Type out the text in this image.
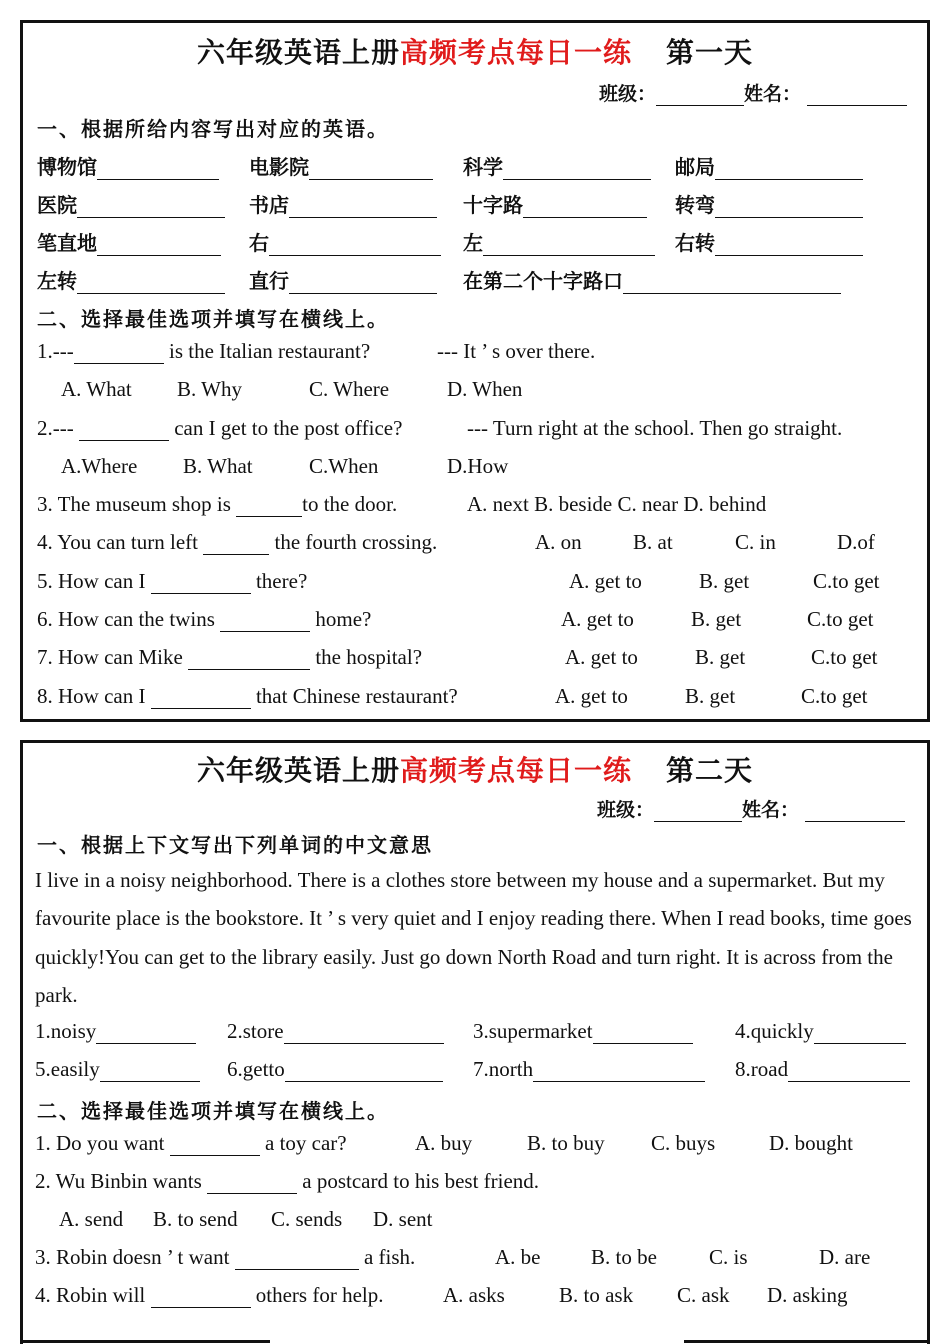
六年级英语上册高频考点每日一练 第一天
班级：	姓名：
一、根据所给内容写出对应的英语。
博物馆	电影院	科学	邮局
医院	书店	十字路	转弯
笔直地	右	左	右转
左转	直行	在第二个十字路口
二、选择最佳选项并填写在横线上。
1.---	is the Italian restaurant?	--- It ’ s over there.
A. What B. Why	C. Where	D. When
2.---	can I get to the post office?	--- Turn right at the school. Then go straight.
A.Where B. What	C.When	D.How
3. The museum shop is	to the door.	A. next B. beside C. near D. behind
4. You can turn left	the fourth crossing.	A. on B. at	C. in	D.of
5. How can I	there?	A. get to	B. get	C.to get
6. How can the twins	home?	A. get to	B. get	C.to get
7. How can Mike	the hospital?	A. get to	B. get	C.to get
8. How can I	that Chinese restaurant?	A. get to	B. get	C.to get
六年级英语上册高频考点每日一练 第二天
班级：	姓名：
一、根据上下文写出下列单词的中文意思
I live in a noisy neighborhood. There is a clothes store between my house and a supermarket. But my favourite place is the bookstore. It ’ s very quiet and I enjoy reading there. When I read books, time goes quickly!You can get to the library easily. Just go down North Road and turn right. It is across from the park.
1.noisy	2.store	3.supermarket	4.quickly
5.easily	6.getto	7.north	8.road
二、选择最佳选项并填写在横线上。
1. Do you want	a toy car?	A. buy	B. to buy C. buys	D. bought
2. Wu Binbin wants	a postcard to his best friend.
A. send B. to send C. sends D. sent
3. Robin doesn ’ t want	a fish.	A. be B. to be C. is	D. are
4. Robin will	others for help.	A. asks	B. to ask C. ask D. asking
